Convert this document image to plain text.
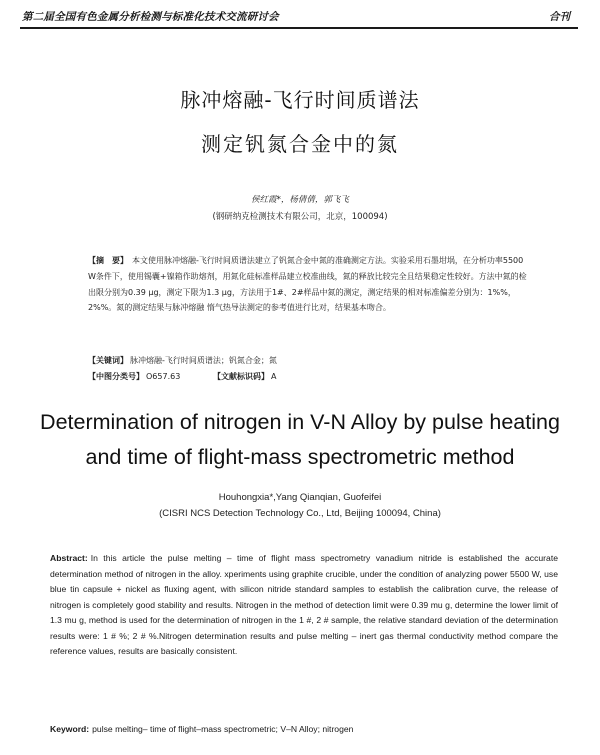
第二届全国有色金属分析检测与标准化技术交流研讨会	合刊
脉冲熔融-飞行时间质谱法
测定钒氮合金中的氮
侯红霞*，杨倩倩，郭飞飞
(钢研纳克检测技术有限公司，北京，100094)
【摘　要】 本文使用脉冲熔融-飞行时间质谱法建立了钒氮合金中氮的准确测定方法。实验采用石墨坩埚，在分析功率5500 W条件下，使用锡囊+镍箱作助熔剂，用氮化硅标准样品建立校准曲线，氮的释放比较完全且结果稳定性较好。方法中氮的检出限分别为0.39 μg，测定下限为1.3 μg，方法用于1#、2#样品中氮的测定，测定结果的相对标准偏差分别为：1%%，2%%。氮的测定结果与脉冲熔融 惰气热导法测定的参考值进行比对，结果基本吻合。
【关键词】 脉冲熔融-飞行时间质谱法；钒氮合金；氮
【中图分类号】 O657.63	【文献标识码】 A
Determination of nitrogen in V-N Alloy by pulse heating
and time of flight-mass spectrometric method
Houhongxia*,Yang Qianqian, Guofeifei
(CISRI NCS Detection Technology Co., Ltd, Beijing 100094, China)
Abstract: In this article the pulse melting – time of flight mass spectrometry vanadium nitride is established the accurate determination method of nitrogen in the alloy. xperiments using graphite crucible, under the condition of analyzing power 5500 W, use blue tin capsule + nickel as fluxing agent, with silicon nitride standard samples to establish the calibration curve, the release of nitrogen is completely good stability and results. Nitrogen in the method of detection limit were 0.39 mu g, determine the lower limit of 1.3 mu g, method is used for the determination of nitrogen in the 1 #, 2 # sample, the relative standard deviation of the determination results were: 1 # %; 2 # %.Nitrogen determination results and pulse melting – inert gas thermal conductivity method compare the reference values, results are basically consistent.
Keyword: pulse melting– time of flight–mass spectrometric; V–N Alloy; nitrogen
